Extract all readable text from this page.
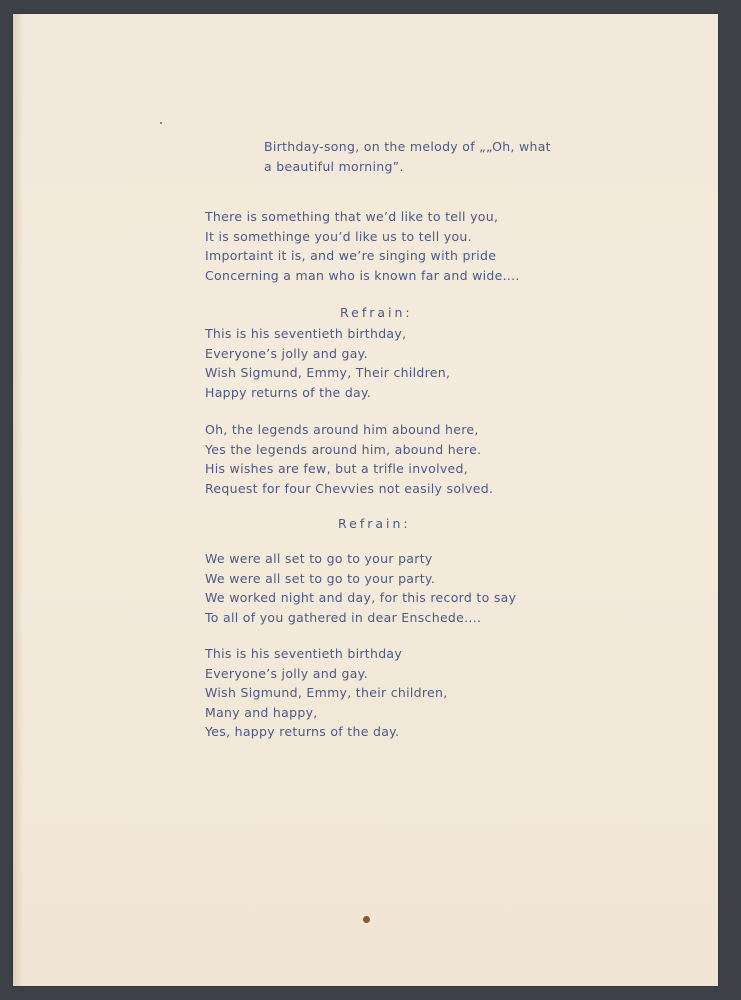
Birthday-song, on the melody of „„Oh, what
a beautiful morning”.
There is something that we’d like to tell you,
It is somethinge you’d like us to tell you.
Importaint it is, and we’re singing with pride
Concerning a man who is known far and wide....
Refrain:
This is his seventieth birthday,
Everyone’s jolly and gay.
Wish Sigmund, Emmy, Their children,
Happy returns of the day.
Oh, the legends around him abound here,
Yes the legends around him, abound here.
His wishes are few, but a trifle involved,
Request for four Chevvies not easily solved.
Refrain:
We were all set to go to your party
We were all set to go to your party.
We worked night and day, for this record to say
To all of you gathered in dear Enschede....
This is his seventieth birthday
Everyone’s jolly and gay.
Wish Sigmund, Emmy, their children,
Many and happy,
Yes, happy returns of the day.
